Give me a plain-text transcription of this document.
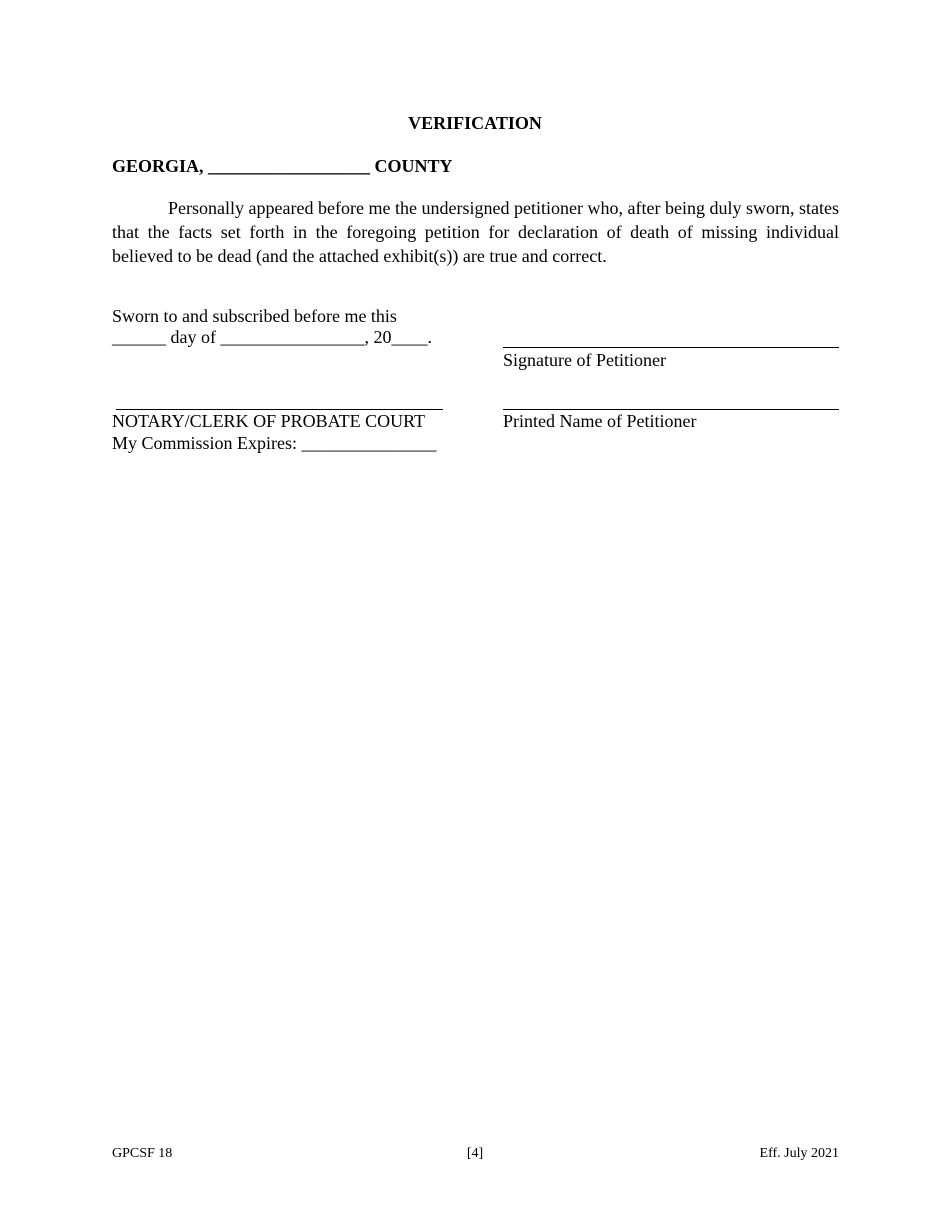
VERIFICATION
GEORGIA, __________________ COUNTY
Personally appeared before me the undersigned petitioner who, after being duly sworn, states that the facts set forth in the foregoing petition for declaration of death of missing individual believed to be dead (and the attached exhibit(s)) are true and correct.
Sworn to and subscribed before me this
______ day of ________________, 20____.
Signature of Petitioner
NOTARY/CLERK OF PROBATE COURT
My Commission Expires: _______________
Printed Name of Petitioner
GPCSF 18	[4]	Eff. July 2021
